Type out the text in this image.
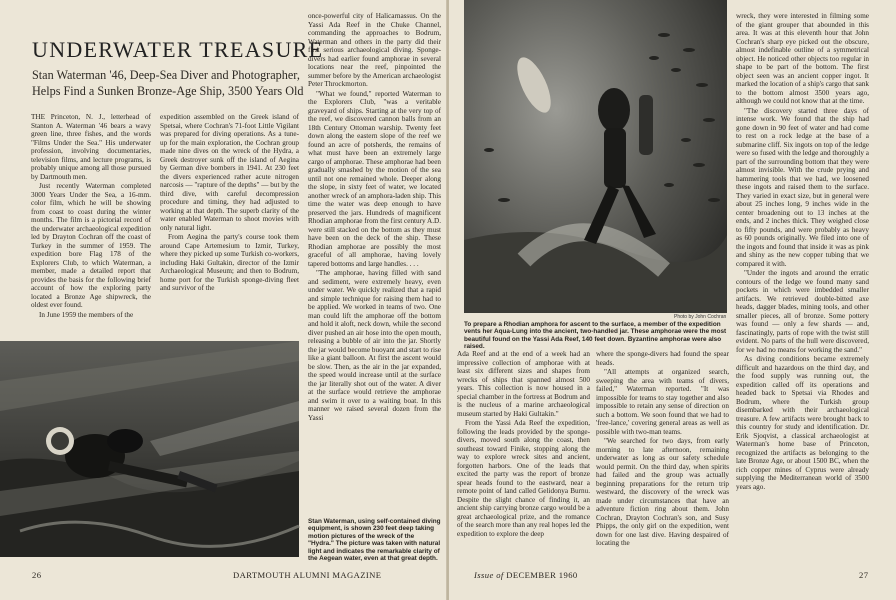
UNDERWATER TREASURE
Stan Waterman '46, Deep-Sea Diver and Photographer,
Helps Find a Sunken Bronze-Age Ship, 3500 Years Old

THE Princeton, N. J., letterhead of Stanton A. Waterman '46 bears a wavy green line, three fishes, and the words "Films Under the Sea." His underwater profession, involving documentaries, television films, and lecture programs, is probably unique among all those pursued by Dartmouth men.

Just recently Waterman completed 3000 Years Under the Sea, a 16-mm. color film, which he will be showing from coast to coast during the winter months. The film is a pictorial record of the underwater archaeological expedition led by Drayton Cochran off the coast of Turkey in the summer of 1959. The expedition bore Flag 178 of the Explorers Club, to which Waterman, a member, made a detailed report that provides the basis for the following brief account of how the exploring party located a Bronze Age shipwreck, the oldest ever found.

In June 1959 the members of the

expedition assembled on the Greek island of Spetsai, where Cochran's 71-foot Little Vigilant was prepared for diving operations. As a tune-up for the main exploration, the Cochran group made nine dives on the wreck of the Hydra, a Greek destroyer sunk off the island of Aegina by German dive bombers in 1941. At 230 feet the divers experienced rather acute nitrogen narcosis — "rapture of the depths" — but by the third dive, with careful decompression procedure and timing, they had adjusted to working at that depth. The superb clarity of the water enabled Waterman to shoot movies with only natural light.

From Aegina the party's course took them around Cape Artemesium to Izmir, Turkey, where they picked up some Turkish co-workers, including Haki Gultakin, director of the Izmir Archaeological Museum; and then to Bodrum, home port for the Turkish sponge-diving fleet and survivor of the

once-powerful city of Halicarnassus. On the Yassi Ada Reef in the Chuke Channel, commanding the approaches to Bodrum, Waterman and others in the party did their first serious archaeological diving. Sponge-divers had earlier found amphorae in several locations near the reef, pinpointed the summer before by the American archaeologist Peter Throckmorton.

"What we found," reported Waterman to the Explorers Club, "was a veritable graveyard of ships. Starting at the very top of the reef, we discovered cannon balls from an 18th Century Ottoman warship. Twenty feet down along the eastern slope of the reef we found an acre of potsherds, the remains of what must have been an extremely large cargo of amphorae. These amphorae had been gradually smashed by the motion of the sea until not one remained whole. Deeper along the slope, in sixty feet of water, we located another wreck of an amphora-laden ship. This time the water was deep enough to have preserved the jars. Hundreds of magnificent Rhodian amphorae from the first century A.D. were still stacked on the bottom as they must have been on the deck of the ship. These Rhodian amphorae are possibly the most graceful of all amphorae, having lovely tapered bottoms and large handles. . . .

"The amphorae, having filled with sand and sediment, were extremely heavy, even under water. We quickly realized that a rapid and simple technique for raising them had to be applied. We worked in teams of two. One man could lift the amphorae off the bottom and hold it aloft, neck down, while the second diver pushed an air hose into the open mouth, releasing a bubble of air into the jar. Shortly the jar would become buoyant and start to rise like a giant balloon. At first the ascent would be slow. Then, as the air in the jar expanded, the speed would increase until at the surface the jar literally shot out of the water. A diver at the surface would retrieve the amphorae and swim it over to a waiting boat. In this manner we raised several dozen from the Yassi

Stan Waterman, using self-contained diving equipment, is shown 230 feet deep taking motion pictures of the wreck of the "Hydra." The picture was taken with natural light and indicates the remarkable clarity of the Aegean water, even at that great depth.

26	DARTMOUTH ALUMNI MAGAZINE
Photo by John Cochran

To prepare a Rhodian amphora for ascent to the surface, a member of the expedition vents her Aqua-Lung into the ancient, two-handled jar. These amphorae were the most beautiful found on the Yassi Ada Reef, 140 feet down. Byzantine amphorae were also raised.

Ada Reef and at the end of a week had an impressive collection of amphorae with at least six different sizes and shapes from wrecks of ships that spanned almost 500 years. This collection is now housed in a special chamber in the fortress at Bodrum and is the nucleus of a marine archaeological museum started by Haki Gultakin."

From the Yassi Ada Reef the expedition, following the leads provided by the sponge-divers, moved south along the coast, then southeast toward Finike, stopping along the way to explore wreck sites and ancient, forgotten harbors. One of the leads that excited the party was the report of bronze spear heads found to the eastward, near a remote point of land called Gelidonya Burnu. Despite the slight chance of finding it, an ancient ship carrying bronze cargo would be a great archaeological prize, and the romance of the search more than any real hopes led the expedition to explore the deep

where the sponge-divers had found the spear heads.

"All attempts at organized search, sweeping the area with teams of divers, failed," Waterman reported. "It was impossible for teams to stay together and also impossible to retain any sense of direction on such a bottom. We soon found that we had to 'free-lance,' covering general areas as well as possible with two-man teams.

"We searched for two days, from early morning to late afternoon, remaining underwater as long as our safety schedule would permit. On the third day, when spirits had failed and the group was actually beginning preparations for the return trip westward, the discovery of the wreck was made under circumstances that have an adventure fiction ring about them. John Cochran, Drayton Cochran's son, and Susy Phipps, the only girl on the expedition, went down for one last dive. Having despaired of locating the

wreck, they were interested in filming some of the giant grouper that abounded in this area. It was at this eleventh hour that John Cochran's sharp eye picked out the obscure, almost indefinable outline of a symmetrical object. He noticed other objects too regular in shape to be part of the bottom. The first object seen was an ancient copper ingot. It marked the location of a ship's cargo that sank to the bottom almost 3500 years ago, although we could not know that at the time.

"The discovery started three days of intense work. We found that the ship had gone down in 90 feet of water and had come to rest on a rock ledge at the base of a submarine cliff. Six ingots on top of the ledge were so fused with the ledge and thoroughly a part of the surrounding bottom that they were almost invisible. With the crude prying and hammering tools that we had, we loosened these ingots and raised them to the surface. They varied in exact size, but in general were about 25 inches long, 9 inches wide in the center broadening out to 13 inches at the ends, and 2 inches thick. They weighed close to fifty pounds, and were probably as heavy as 60 pounds originally. We filed into one of the ingots and found that inside it was as pink and shiny as the new copper tubing that we compared it with.

"Under the ingots and around the erratic contours of the ledge we found many sand pockets in which were imbedded smaller artifacts. We retrieved double-bitted axe heads, dagger blades, mining tools, and other smaller pieces, all of bronze. Some pottery was found — only a few shards — and, fascinatingly, parts of rope with the twist still evident. No parts of the hull were discovered, for we had no means for working the sand."

As diving conditions became extremely difficult and hazardous on the third day, and the food supply was running out, the expedition called off its operations and headed back to Spetsai via Rhodes and Bodrum, where the Turkish group disembarked with their archaeological treasure. A few artifacts were brought back to this country for study and identification. Dr. Erik Sjoqvist, a classical archaeologist at Waterman's home base of Princeton, recognized the artifacts as belonging to the late Bronze Age, or about 1500 BC, when the rich copper mines of Cyprus were already supplying the Mediterranean world of 3500 years ago.

Issue of DECEMBER 1960	27
